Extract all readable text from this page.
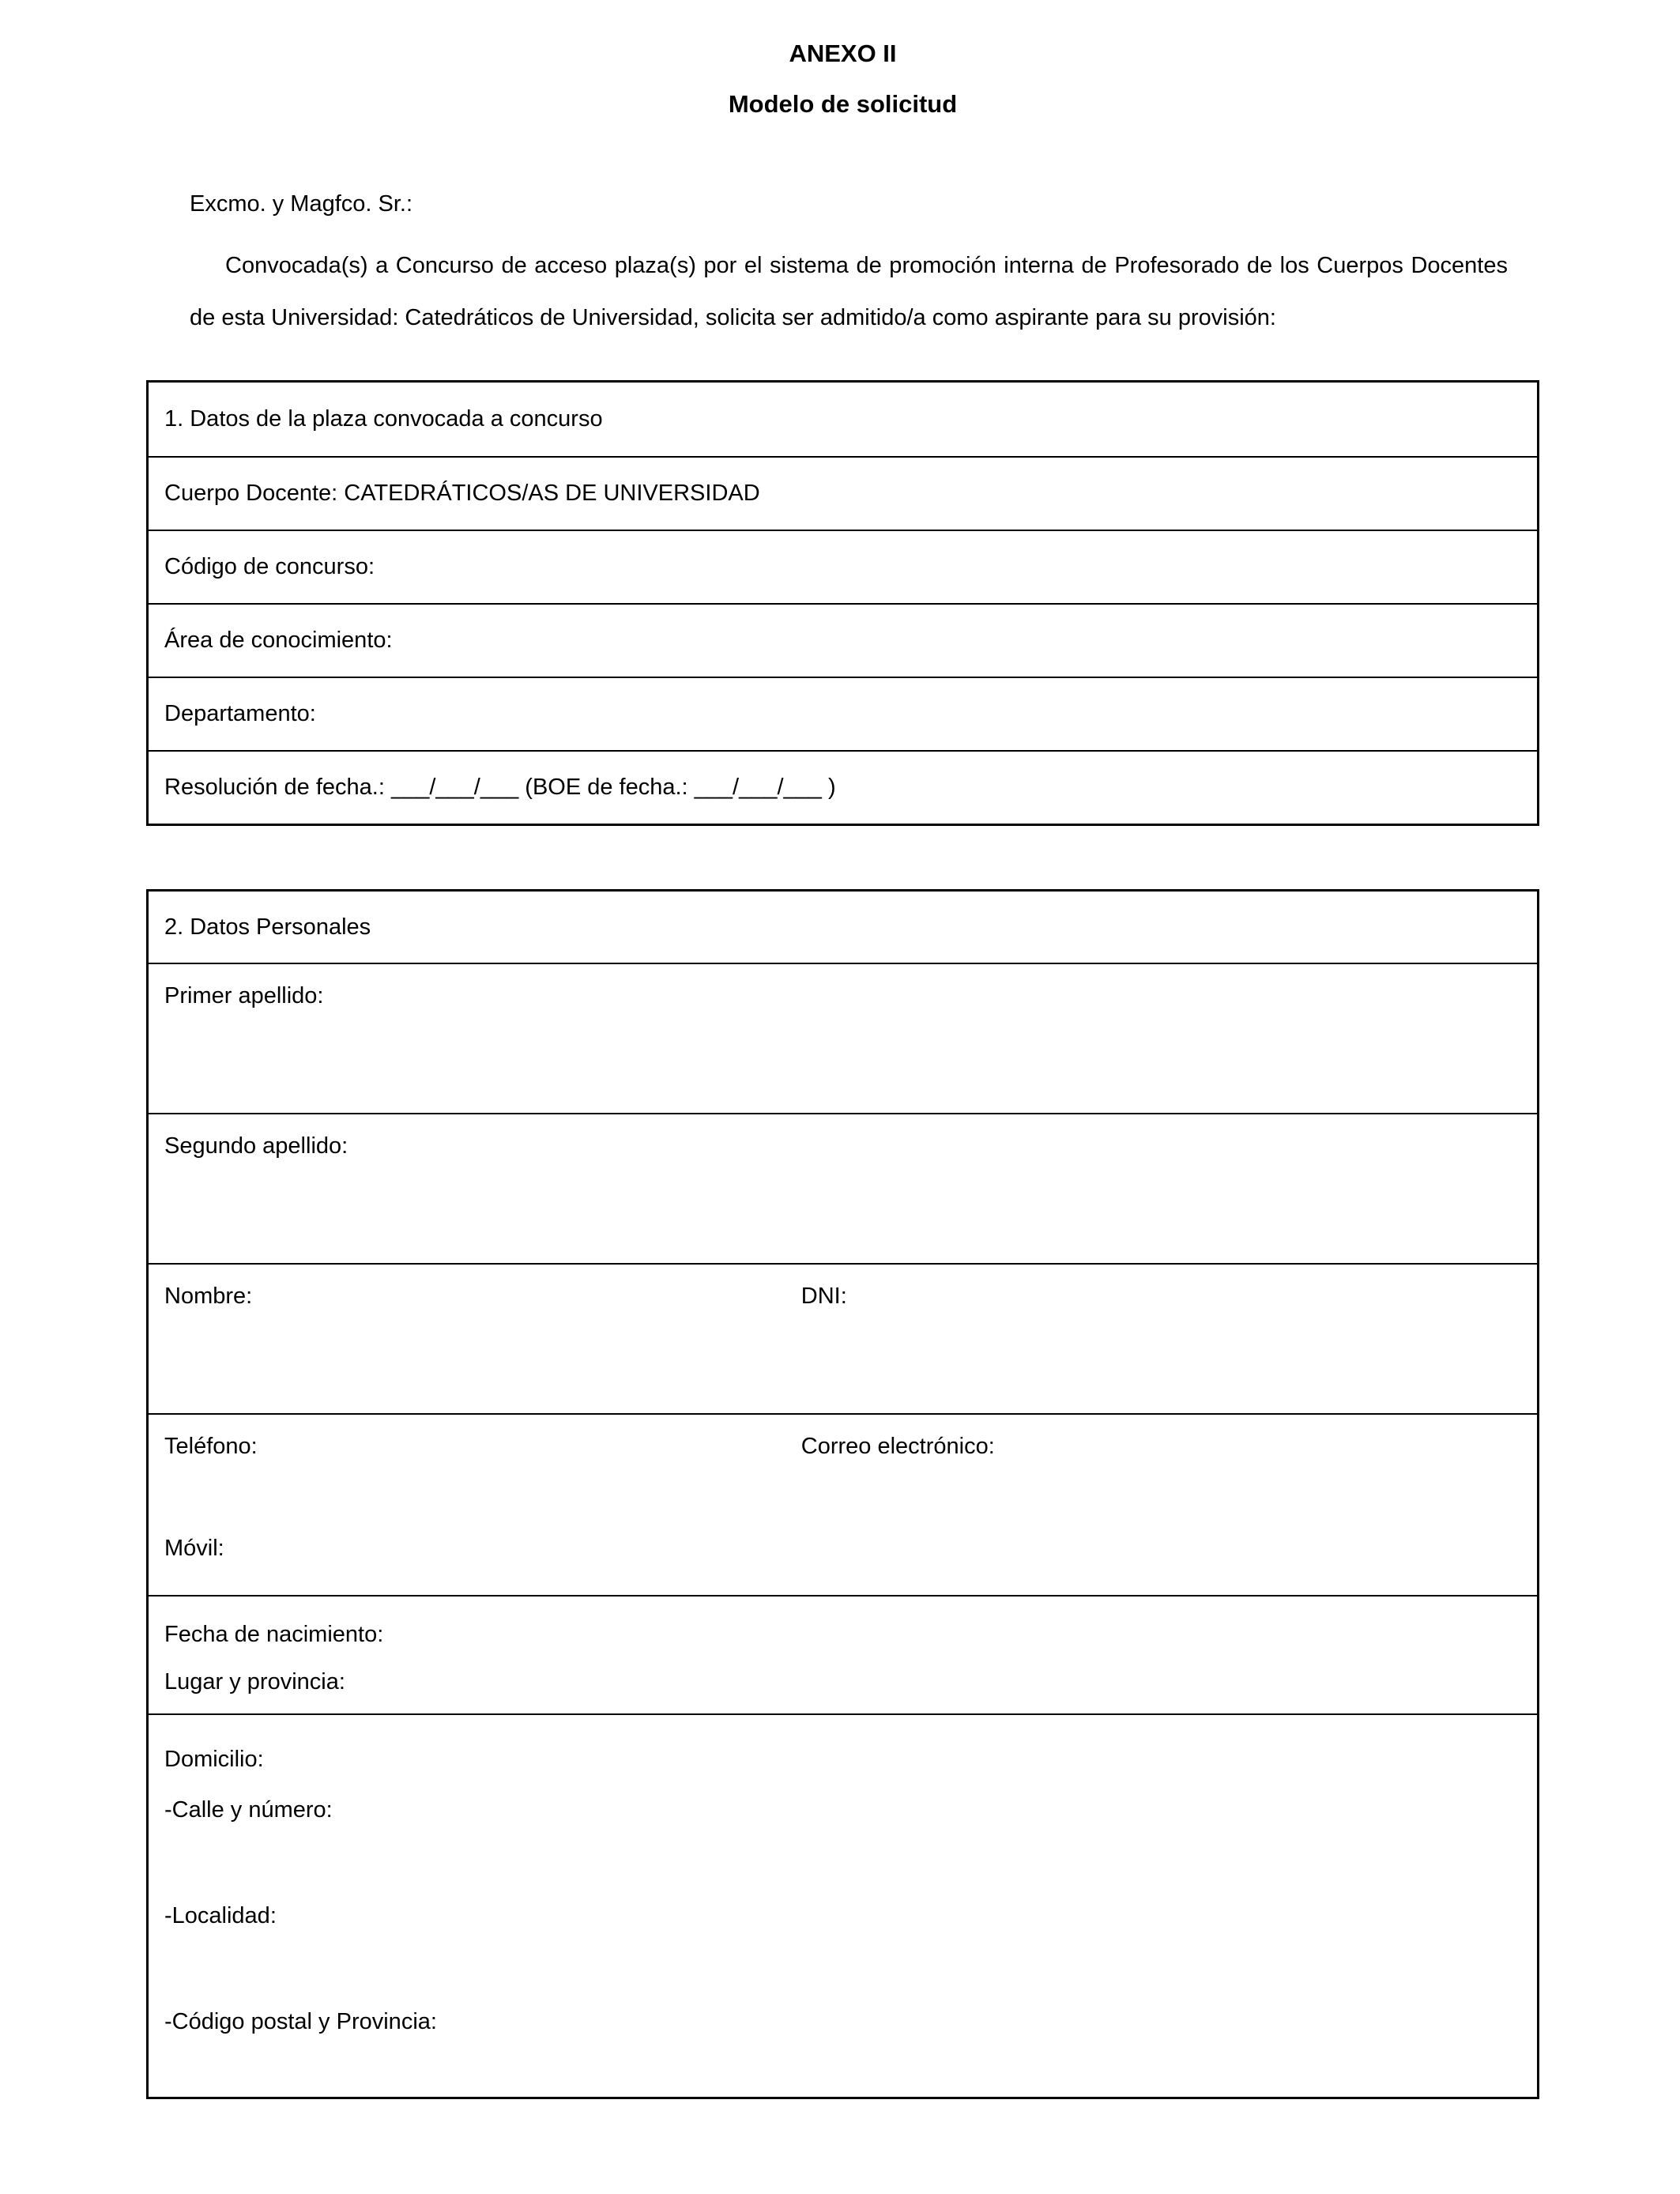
ANEXO II
Modelo de solicitud
Excmo. y Magfco. Sr.:
Convocada(s) a Concurso de acceso plaza(s) por el sistema de promoción interna de Profesorado de los Cuerpos Docentes de esta Universidad: Catedráticos de Universidad, solicita ser admitido/a como aspirante para su provisión:
1. Datos de la plaza convocada a concurso
Cuerpo Docente: CATEDRÁTICOS/AS DE UNIVERSIDAD
Código de concurso:
Área de conocimiento:
Departamento:
Resolución de fecha.: ___/___/___ (BOE de fecha.: ___/___/___ )
2. Datos Personales
Primer apellido:
Segundo apellido:
Nombre:	DNI:
Teléfono:	Correo electrónico:
Móvil:
Fecha de nacimiento:
Lugar y provincia:
Domicilio:
-Calle y número:
-Localidad:
-Código postal y Provincia:
